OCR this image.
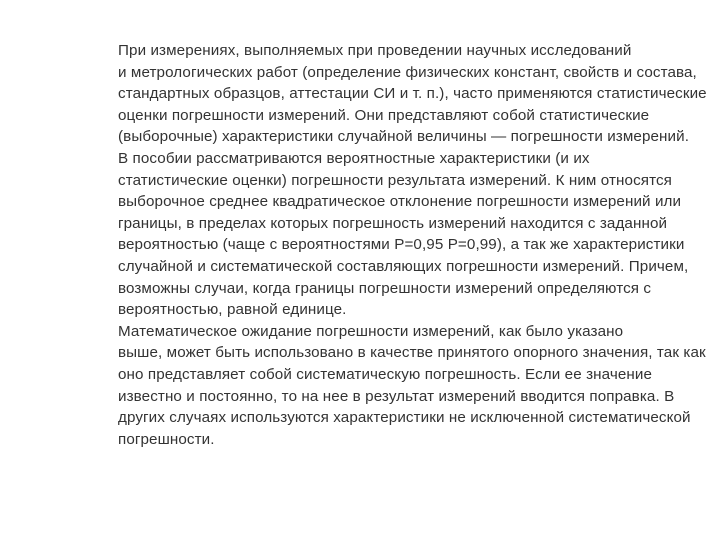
При измерениях, выполняемых при проведении научных исследований
и метрологических работ (определение физических констант, свойств и состава,
стандартных образцов, аттестации СИ и т. п.), часто применяются статистические
оценки погрешности измерений. Они представляют собой статистические
(выборочные) характеристики случайной величины — погрешности измерений.

В пособии рассматриваются вероятностные характеристики (и их
статистические оценки) погрешности результата измерений. К ним относятся
выборочное среднее квадратическое отклонение погрешности измерений или
границы, в пределах которых погрешность измерений находится с заданной
вероятностью (чаще с вероятностями P=0,95 P=0,99), а так же характеристики
случайной и систематической составляющих погрешности измерений. Причем,
возможны случаи, когда границы погрешности измерений определяются с
вероятностью, равной единице.

Математическое ожидание погрешности измерений, как было указано
выше, может быть использовано в качестве принятого опорного значения, так как
оно представляет собой систематическую погрешность. Если ее значение
известно и постоянно, то на нее в результат измерений вводится поправка. В
других случаях используются характеристики не исключенной систематической
погрешности.
